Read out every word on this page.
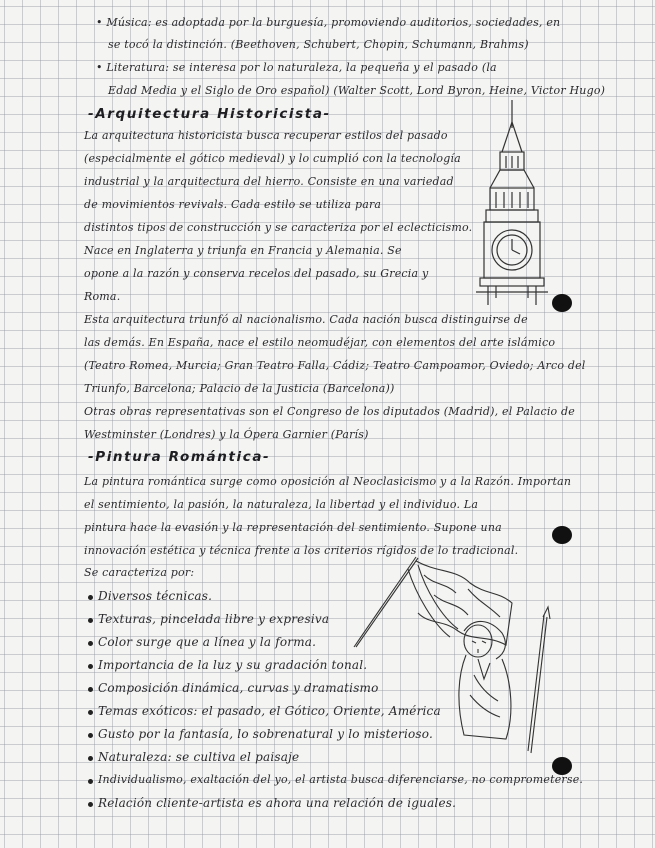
• Música: es adoptada por la burguesía, promoviendo auditorios, sociedades, en
se tocó la distinción. (Beethoven, Schubert, Chopin, Schumann, Brahms)
• Literatura: se interesa por lo naturaleza, la pequeña y el pasado (la
Edad Media y el Siglo de Oro español) (Walter Scott, Lord Byron, Heine, Victor Hugo)
-Arquitectura Historicista-
La arquitectura historicista busca recuperar estilos del pasado
(especialmente el gótico medieval) y lo cumplió con la tecnología
industrial y la arquitectura del hierro. Consiste en una variedad
de movimientos revivals. Cada estilo se utiliza para
distintos tipos de construcción y se caracteriza por el eclecticismo.
Nace en Inglaterra y triunfa en Francia y Alemania. Se
opone a la razón y conserva recelos del pasado, su Grecia y
Roma.
Esta arquitectura triunfó al nacionalismo. Cada nación busca distinguirse de
las demás. En España, nace el estilo neomudéjar, con elementos del arte islámico
(Teatro Romea, Murcia; Gran Teatro Falla, Cádiz; Teatro Campoamor, Oviedo; Arco del
Triunfo, Barcelona; Palacio de la Justicia (Barcelona))
Otras obras representativas son el Congreso de los diputados (Madrid), el Palacio de
Westminster (Londres) y la Ópera Garnier (París)
-Pintura Romántica-
La pintura romántica surge como oposición al Neoclasicismo y a la Razón. Importan
el sentimiento, la pasión, la naturaleza, la libertad y el individuo. La
pintura hace la evasión y la representación del sentimiento. Supone una
innovación estética y técnica frente a los criterios rígidos de lo tradicional.
Se caracteriza por:
Diversos técnicas.
Texturas, pincelada libre y expresiva
Color surge que a línea y la forma.
Importancia de la luz y su gradación tonal.
Composición dinámica, curvas y dramatismo
Temas exóticos: el pasado, el Gótico, Oriente, América
Gusto por la fantasía, lo sobrenatural y lo misterioso.
Naturaleza: se cultiva el paisaje
Individualismo, exaltación del yo, el artista busca diferenciarse, no comprometerse.
Relación cliente-artista es ahora una relación de iguales.
